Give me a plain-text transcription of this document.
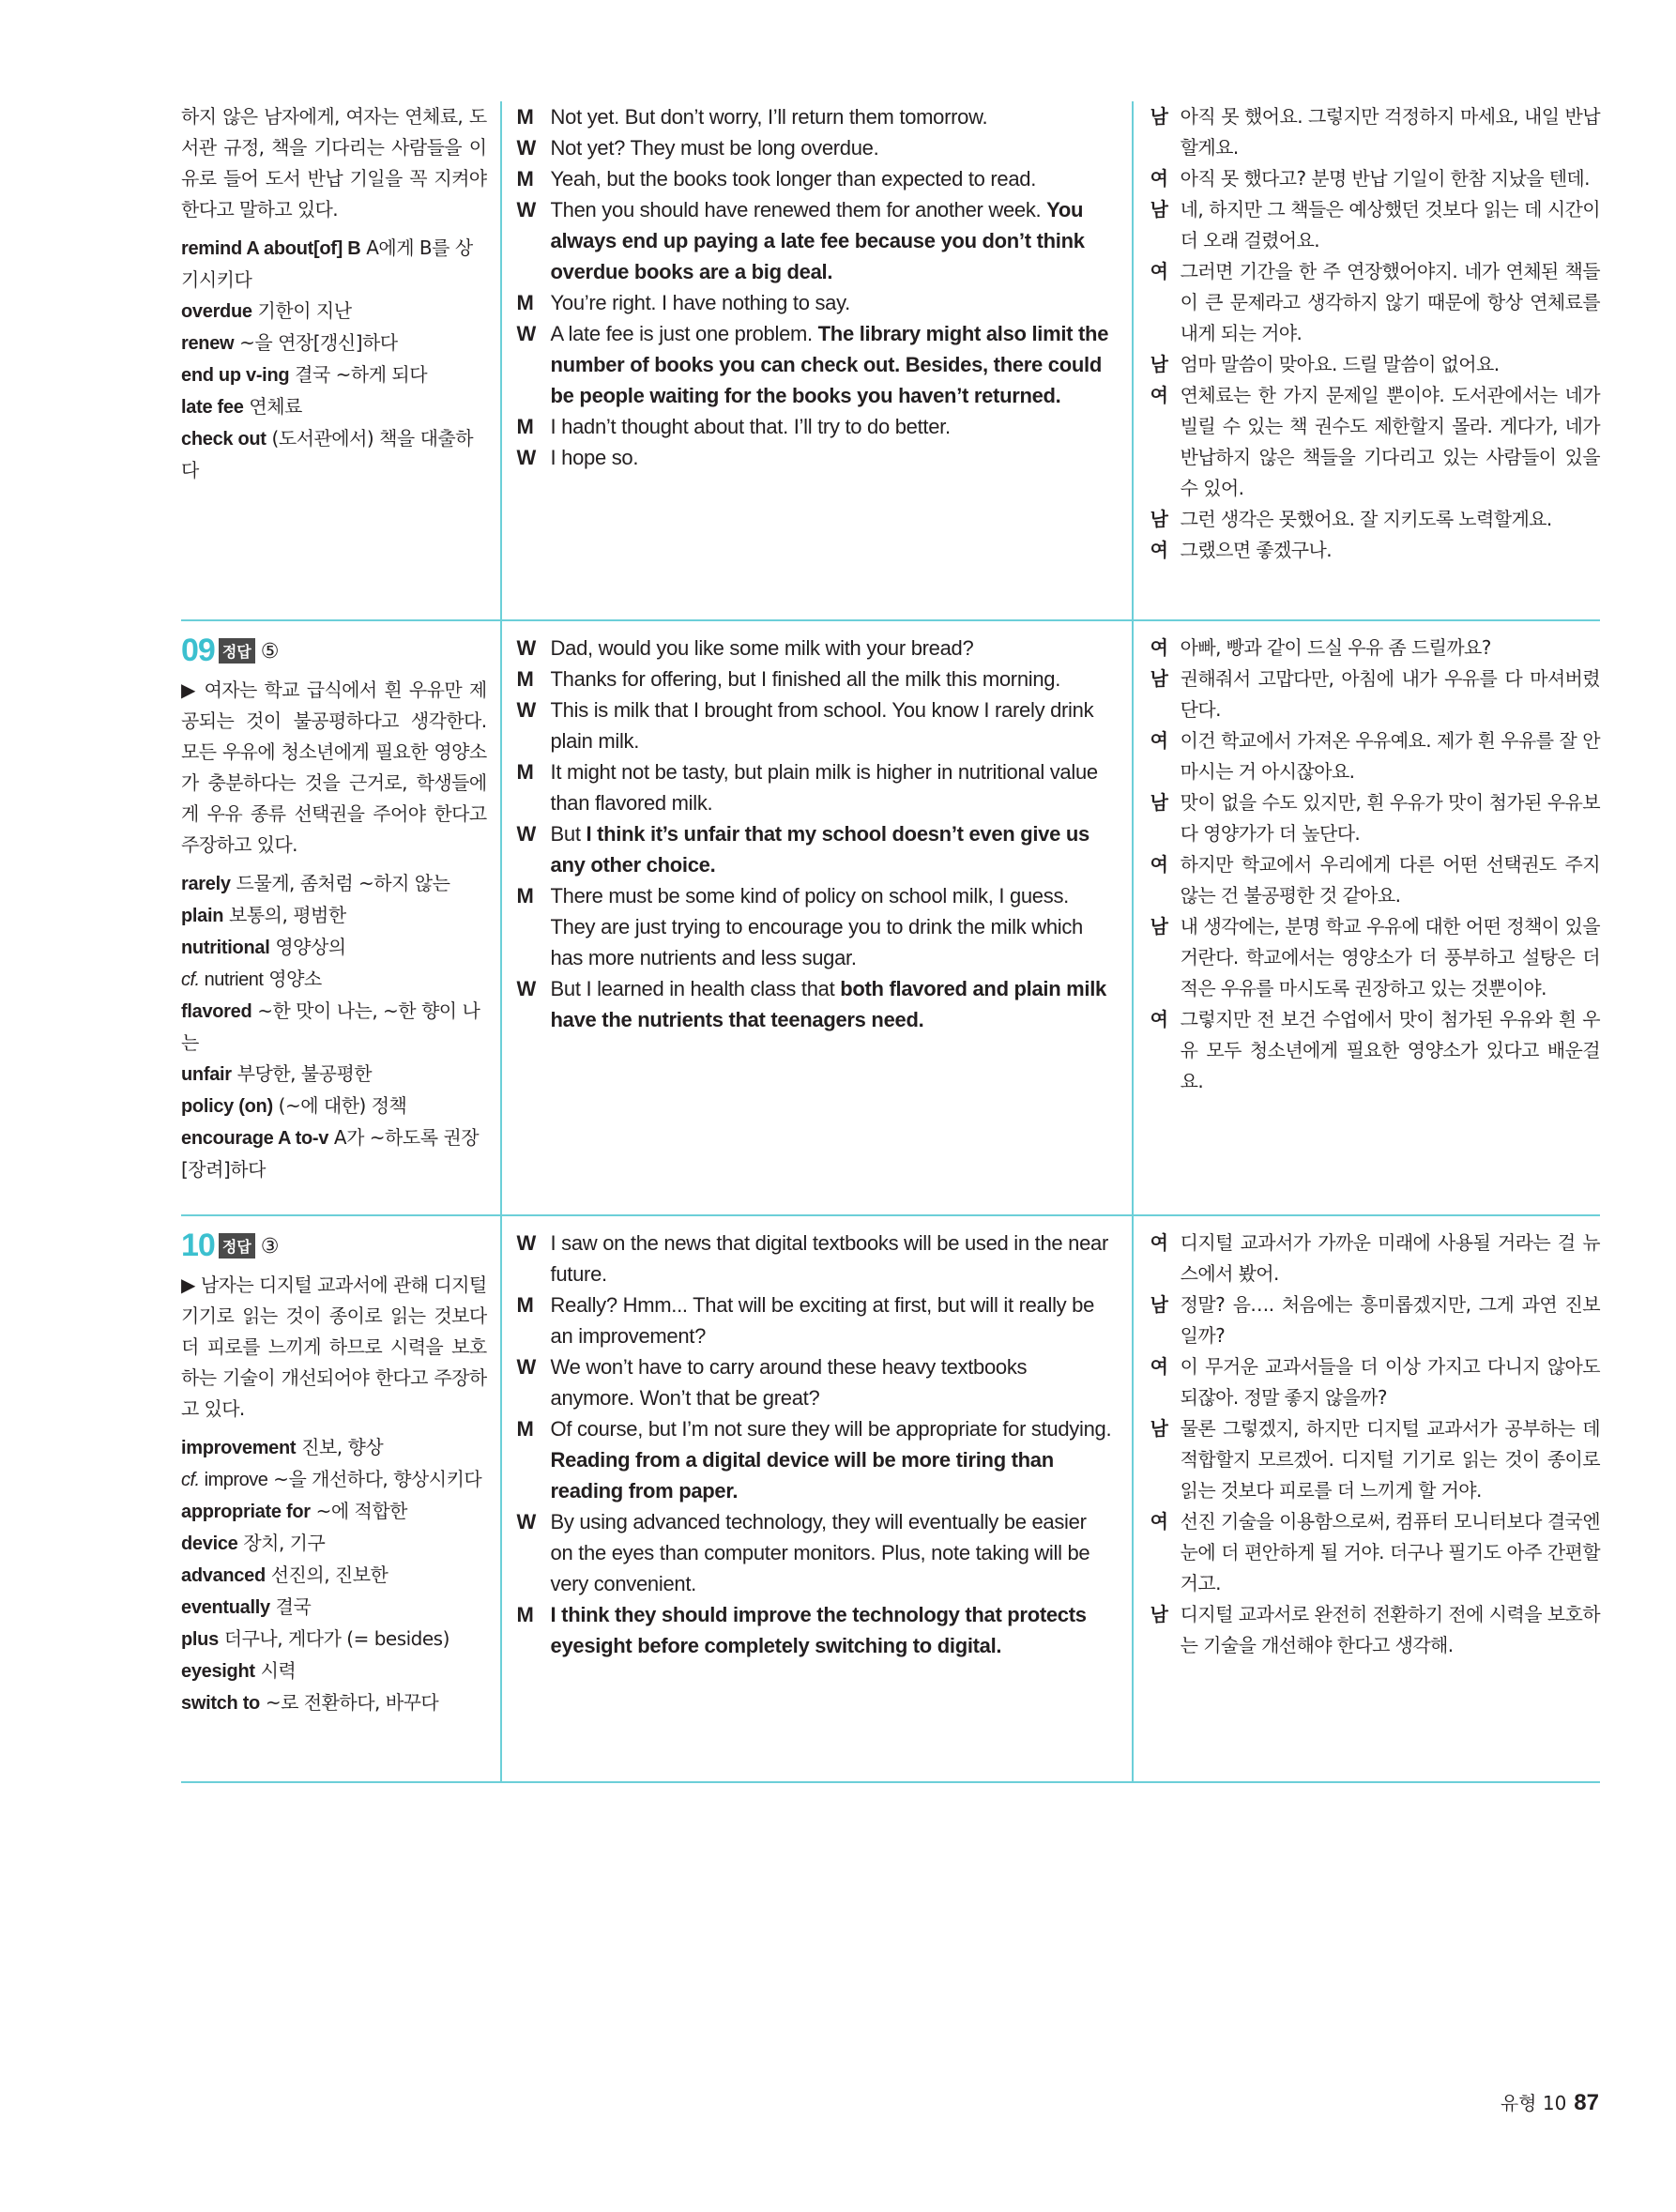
하지 않은 남자에게, 여자는 연체료, 도서관 규정, 책을 기다리는 사람들을 이유로 들어 도서 반납 기일을 꼭 지켜야 한다고 말하고 있다.
remind A about[of] B A에게 B를 상기시키다
overdue 기한이 지난
renew ~을 연장[갱신]하다
end up v-ing 결국 ~하게 되다
late fee 연체료
check out (도서관에서) 책을 대출하다
M Not yet. But don’t worry, I’ll return them tomorrow.
W Not yet? They must be long overdue.
M Yeah, but the books took longer than expected to read.
W Then you should have renewed them for another week. You always end up paying a late fee because you don’t think overdue books are a big deal.
M You’re right. I have nothing to say.
W A late fee is just one problem. The library might also limit the number of books you can check out. Besides, there could be people waiting for the books you haven’t returned.
M I hadn’t thought about that. I’ll try to do better.
W I hope so.
남 아직 못 했어요. 그렇지만 걱정하지 마세요, 내일 반납할게요.
여 아직 못 했다고? 분명 반납 기일이 한참 지났을 텐데.
남 네, 하지만 그 책들은 예상했던 것보다 읽는 데 시간이 더 오래 걸렸어요.
여 그러면 기간을 한 주 연장했어야지. 네가 연체된 책들이 큰 문제라고 생각하지 않기 때문에 항상 연체료를 내게 되는 거야.
남 엄마 말씀이 맞아요. 드릴 말씀이 없어요.
여 연체료는 한 가지 문제일 뿐이야. 도서관에서는 네가 빌릴 수 있는 책 권수도 제한할지 몰라. 게다가, 네가 반납하지 않은 책들을 기다리고 있는 사람들이 있을 수 있어.
남 그런 생각은 못했어요. 잘 지키도록 노력할게요.
여 그랬으면 좋겠구나.
09 정답 ⑤
▶ 여자는 학교 급식에서 흰 우유만 제공되는 것이 불공평하다고 생각한다. 모든 우유에 청소년에게 필요한 영양소가 충분하다는 것을 근거로, 학생들에게 우유 종류 선택권을 주어야 한다고 주장하고 있다.
rarely 드물게, 좀처럼 ~하지 않는
plain 보통의, 평범한
nutritional 영양상의
cf. nutrient 영양소
flavored ~한 맛이 나는, ~한 향이 나는
unfair 부당한, 불공평한
policy (on) (~에 대한) 정책
encourage A to-v A가 ~하도록 권장[장려]하다
W Dad, would you like some milk with your bread?
M Thanks for offering, but I finished all the milk this morning.
W This is milk that I brought from school. You know I rarely drink plain milk.
M It might not be tasty, but plain milk is higher in nutritional value than flavored milk.
W But I think it’s unfair that my school doesn’t even give us any other choice.
M There must be some kind of policy on school milk, I guess. They are just trying to encourage you to drink the milk which has more nutrients and less sugar.
W But I learned in health class that both flavored and plain milk have the nutrients that teenagers need.
여 아빠, 빵과 같이 드실 우유 좀 드릴까요?
남 권해줘서 고맙다만, 아침에 내가 우유를 다 마셔버렸단다.
여 이건 학교에서 가져온 우유예요. 제가 흰 우유를 잘 안 마시는 거 아시잖아요.
남 맛이 없을 수도 있지만, 흰 우유가 맛이 첨가된 우유보다 영양가가 더 높단다.
여 하지만 학교에서 우리에게 다른 어떤 선택권도 주지 않는 건 불공평한 것 같아요.
남 내 생각에는, 분명 학교 우유에 대한 어떤 정책이 있을 거란다. 학교에서는 영양소가 더 풍부하고 설탕은 더 적은 우유를 마시도록 권장하고 있는 것뿐이야.
여 그렇지만 전 보건 수업에서 맛이 첨가된 우유와 흰 우유 모두 청소년에게 필요한 영양소가 있다고 배운걸요.
10 정답 ③
▶ 남자는 디지털 교과서에 관해 디지털 기기로 읽는 것이 종이로 읽는 것보다 더 피로를 느끼게 하므로 시력을 보호하는 기술이 개선되어야 한다고 주장하고 있다.
improvement 진보, 향상
cf. improve ~을 개선하다, 향상시키다
appropriate for ~에 적합한
device 장치, 기구
advanced 선진의, 진보한
eventually 결국
plus 더구나, 게다가 (= besides)
eyesight 시력
switch to ~로 전환하다, 바꾸다
W I saw on the news that digital textbooks will be used in the near future.
M Really? Hmm... That will be exciting at first, but will it really be an improvement?
W We won’t have to carry around these heavy textbooks anymore. Won’t that be great?
M Of course, but I’m not sure they will be appropriate for studying. Reading from a digital device will be more tiring than reading from paper.
W By using advanced technology, they will eventually be easier on the eyes than computer monitors. Plus, note taking will be very convenient.
M I think they should improve the technology that protects eyesight before completely switching to digital.
여 디지털 교과서가 가까운 미래에 사용될 거라는 걸 뉴스에서 봤어.
남 정말? 음…. 처음에는 흥미롭겠지만, 그게 과연 진보일까?
여 이 무거운 교과서들을 더 이상 가지고 다니지 않아도 되잖아. 정말 좋지 않을까?
남 물론 그렇겠지, 하지만 디지털 교과서가 공부하는 데 적합할지 모르겠어. 디지털 기기로 읽는 것이 종이로 읽는 것보다 피로를 더 느끼게 할 거야.
여 선진 기술을 이용함으로써, 컴퓨터 모니터보다 결국엔 눈에 더 편안하게 될 거야. 더구나 필기도 아주 간편할 거고.
남 디지털 교과서로 완전히 전환하기 전에 시력을 보호하는 기술을 개선해야 한다고 생각해.
유형 10 87
